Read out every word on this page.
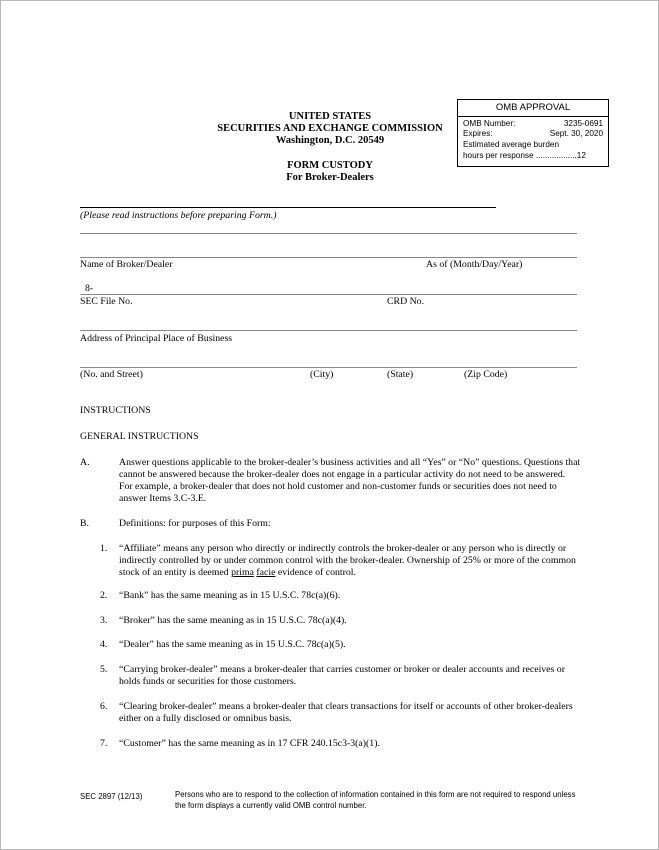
UNITED STATES
SECURITIES AND EXCHANGE COMMISSION
Washington, D.C. 20549
FORM CUSTODY
For Broker-Dealers
OMB APPROVAL
OMB Number:	3235-0691
Expires:	Sept. 30, 2020
Estimated average burden
hours per response ..................12
(Please read instructions before preparing Form.)
Name of Broker/Dealer	As of (Month/Day/Year)
8-
SEC File No.	CRD No.
Address of Principal Place of Business
(No. and Street)	(City)	(State)	(Zip Code)
INSTRUCTIONS
GENERAL INSTRUCTIONS
A.	Answer questions applicable to the broker-dealer’s business activities and all “Yes” or “No” questions. Questions that cannot be answered because the broker-dealer does not engage in a particular activity do not need to be answered. For example, a broker-dealer that does not hold customer and non-customer funds or securities does not need to answer Items 3.C-3.E.
B.	Definitions: for purposes of this Form:
1. “Affiliate” means any person who directly or indirectly controls the broker-dealer or any person who is directly or indirectly controlled by or under common control with the broker-dealer. Ownership of 25% or more of the common stock of an entity is deemed prima facie evidence of control.
2. “Bank” has the same meaning as in 15 U.S.C. 78c(a)(6).
3. “Broker” has the same meaning as in 15 U.S.C. 78c(a)(4).
4. “Dealer” has the same meaning as in 15 U.S.C. 78c(a)(5).
5. “Carrying broker-dealer” means a broker-dealer that carries customer or broker or dealer accounts and receives or holds funds or securities for those customers.
6. “Clearing broker-dealer” means a broker-dealer that clears transactions for itself or accounts of other broker-dealers either on a fully disclosed or omnibus basis.
7. “Customer” has the same meaning as in 17 CFR 240.15c3-3(a)(1).
SEC 2897 (12/13)	Persons who are to respond to the collection of information contained in this form are not required to respond unless the form displays a currently valid OMB control number.
